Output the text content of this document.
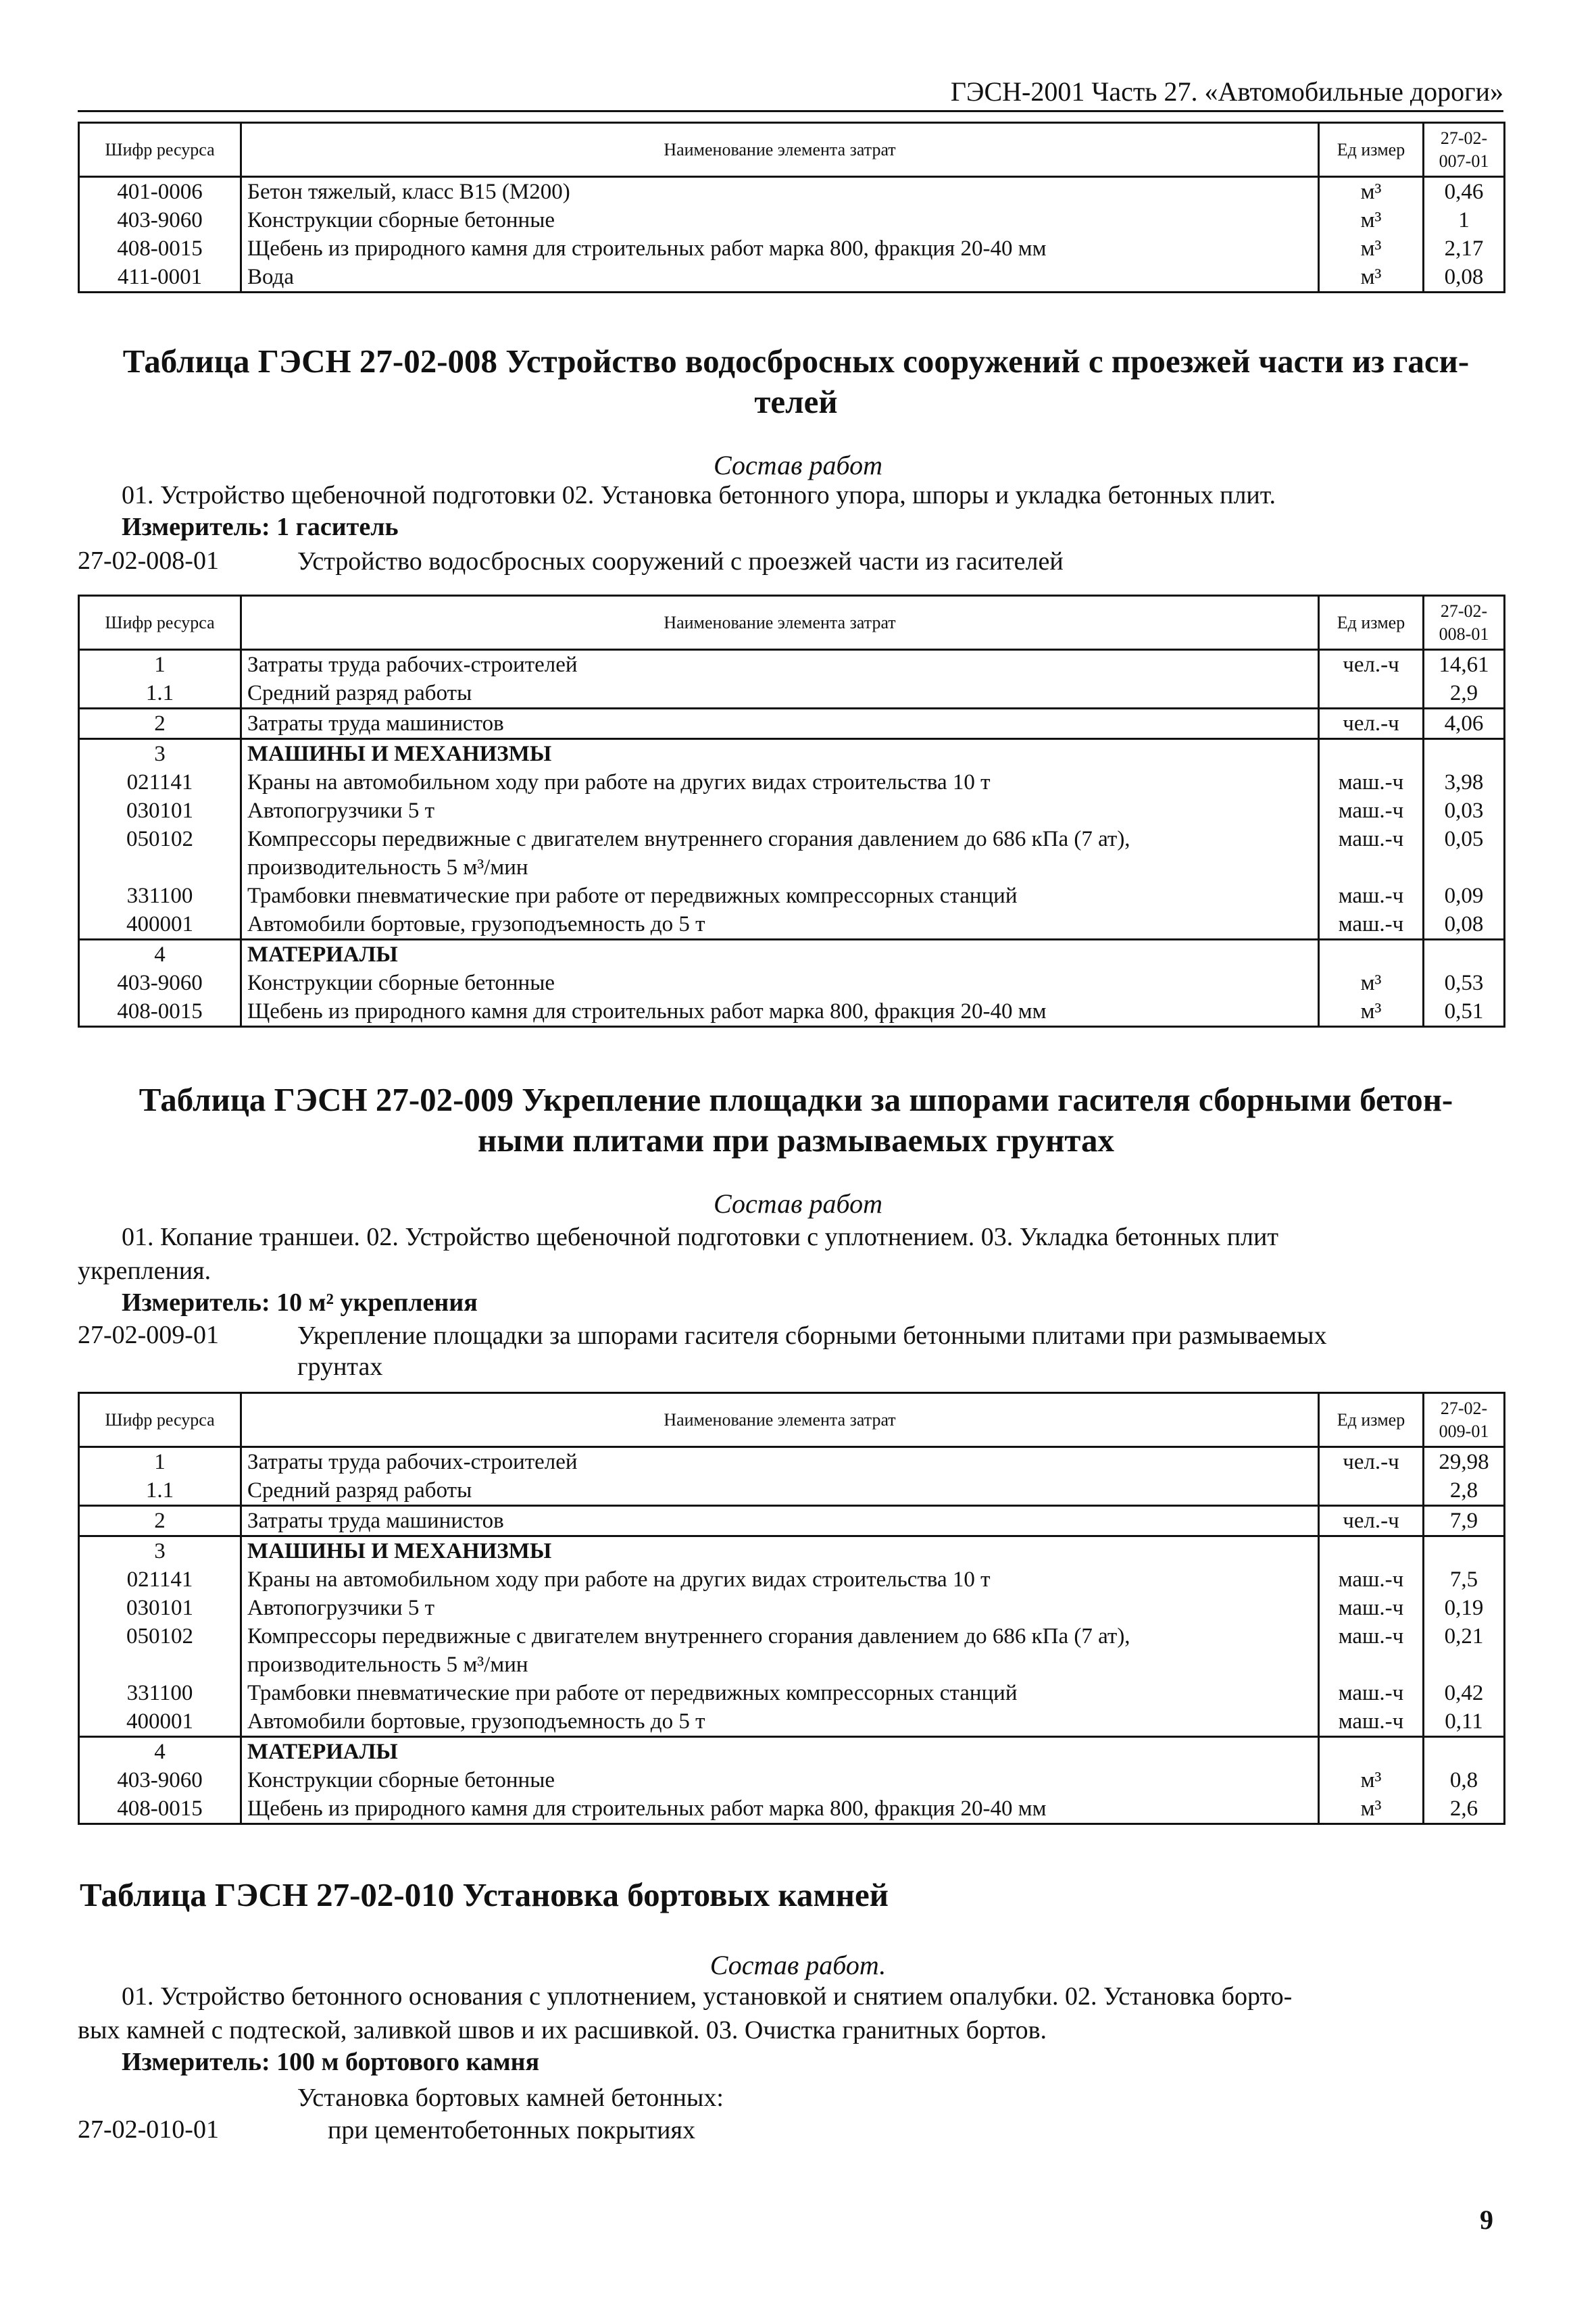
ГЭСН-2001 Часть 27. «Автомобильные дороги»
Шифр ресурса	Наименование элемента затрат	Ед измер	27-02-007-01
401-0006	Бетон тяжелый, класс В15 (М200)	м³	0,46
403-9060	Конструкции сборные бетонные	м³	1
408-0015	Щебень из природного камня для строительных работ марка 800, фракция 20-40 мм	м³	2,17
411-0001	Вода	м³	0,08
Таблица ГЭСН 27-02-008 Устройство водосбросных сооружений с проезжей части из гаси-
телей
Состав работ
01. Устройство щебеночной подготовки 02. Установка бетонного упора, шпоры и укладка бетонных плит.
Измеритель: 1 гаситель
27-02-008-01	Устройство водосбросных сооружений с проезжей части из гасителей
Шифр ресурса	Наименование элемента затрат	Ед измер	27-02-008-01
1	Затраты труда рабочих-строителей	чел.-ч	14,61
1.1	Средний разряд работы		2,9
2	Затраты труда машинистов	чел.-ч	4,06
3	МАШИНЫ И МЕХАНИЗМЫ		
021141	Краны на автомобильном ходу при работе на других видах строительства 10 т	маш.-ч	3,98
030101	Автопогрузчики 5 т	маш.-ч	0,03
050102	Компрессоры передвижные с двигателем внутреннего сгорания давлением до 686 кПа (7 ат), производительность 5 м³/мин	маш.-ч	0,05
331100	Трамбовки пневматические при работе от передвижных компрессорных станций	маш.-ч	0,09
400001	Автомобили бортовые, грузоподъемность до 5 т	маш.-ч	0,08
4	МАТЕРИАЛЫ		
403-9060	Конструкции сборные бетонные	м³	0,53
408-0015	Щебень из природного камня для строительных работ марка 800, фракция 20-40 мм	м³	0,51
Таблица ГЭСН 27-02-009 Укрепление площадки за шпорами гасителя сборными бетон-
ными плитами при размываемых грунтах
Состав работ
01. Копание траншеи. 02. Устройство щебеночной подготовки с уплотнением. 03. Укладка бетонных плит
укрепления.
Измеритель: 10 м² укрепления
27-02-009-01	Укрепление площадки за шпорами гасителя сборными бетонными плитами при размываемых
грунтах
Шифр ресурса	Наименование элемента затрат	Ед измер	27-02-009-01
1	Затраты труда рабочих-строителей	чел.-ч	29,98
1.1	Средний разряд работы		2,8
2	Затраты труда машинистов	чел.-ч	7,9
3	МАШИНЫ И МЕХАНИЗМЫ		
021141	Краны на автомобильном ходу при работе на других видах строительства 10 т	маш.-ч	7,5
030101	Автопогрузчики 5 т	маш.-ч	0,19
050102	Компрессоры передвижные с двигателем внутреннего сгорания давлением до 686 кПа (7 ат), производительность 5 м³/мин	маш.-ч	0,21
331100	Трамбовки пневматические при работе от передвижных компрессорных станций	маш.-ч	0,42
400001	Автомобили бортовые, грузоподъемность до 5 т	маш.-ч	0,11
4	МАТЕРИАЛЫ		
403-9060	Конструкции сборные бетонные	м³	0,8
408-0015	Щебень из природного камня для строительных работ марка 800, фракция 20-40 мм	м³	2,6
Таблица ГЭСН 27-02-010 Установка бортовых камней
Состав работ.
01. Устройство бетонного основания с уплотнением, установкой и снятием опалубки. 02. Установка борто-
вых камней с подтеской, заливкой швов и их расшивкой. 03. Очистка гранитных бортов.
Измеритель: 100 м бортового камня
Установка бортовых камней бетонных:
27-02-010-01	при цементобетонных покрытиях
9
